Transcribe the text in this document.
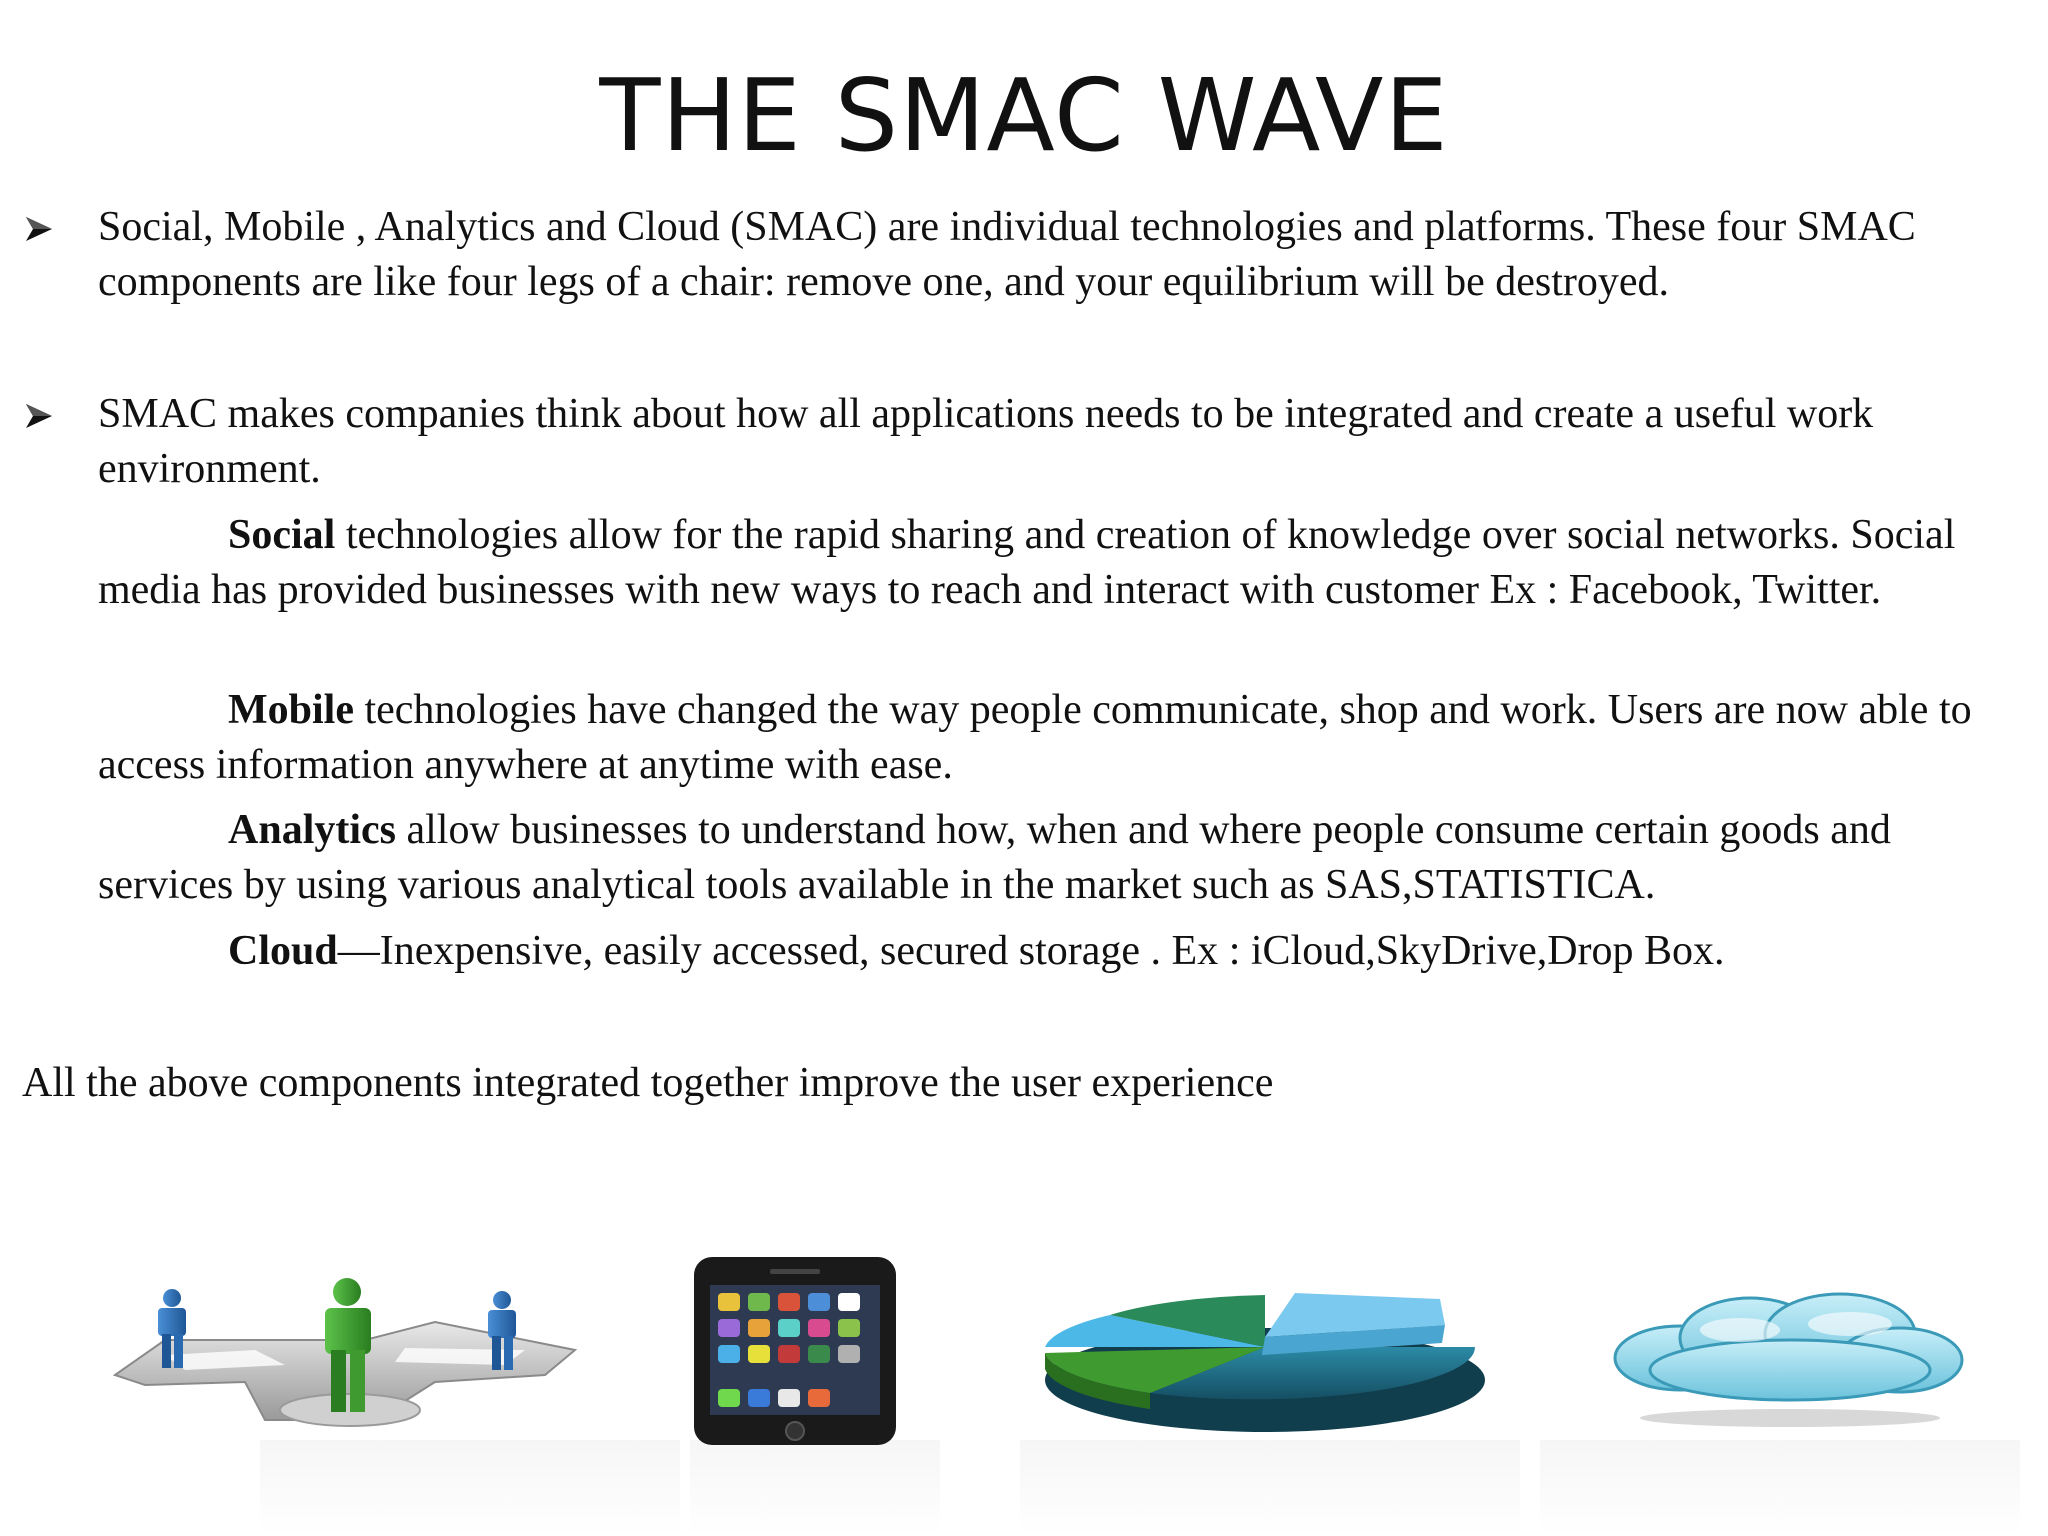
THE SMAC WAVE
Social, Mobile , Analytics and Cloud (SMAC) are individual technologies and platforms. These four SMAC components are like four legs of a chair: remove one, and your equilibrium will be destroyed.
SMAC makes companies think about how all applications needs to be integrated and create a useful work environment.
Social technologies allow for the rapid sharing and creation of knowledge over social networks. Social media has provided businesses with new ways to reach and interact with customer Ex : Facebook, Twitter.
Mobile technologies have changed the way people communicate, shop and work. Users are now able to access information anywhere at anytime with ease.
Analytics allow businesses to understand how, when and where people consume certain goods and services by using various analytical tools available in the market such as SAS,STATISTICA.
Cloud—Inexpensive, easily accessed, secured storage . Ex : iCloud,SkyDrive,Drop Box.
All the above components integrated together improve the user experience
